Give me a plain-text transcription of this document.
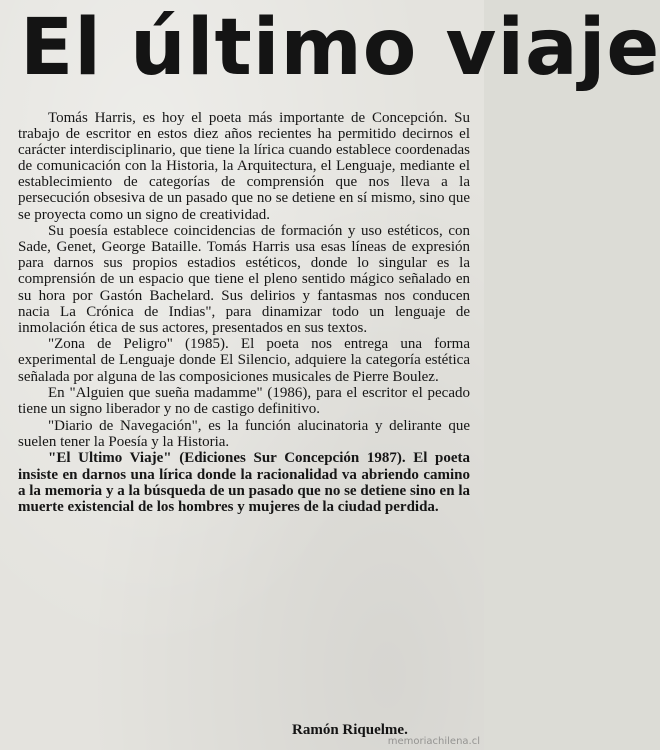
El último viaje

Tomás Harris, es hoy el poeta más importante de Concepción. Su trabajo de escritor en estos diez años recientes ha permitido decirnos el carácter interdisciplinario, que tiene la lírica cuando establece coordenadas de comunicación con la Historia, la Arquitectura, el Lenguaje, mediante el establecimiento de categorías de comprensión que nos lleva a la persecución obsesiva de un pasado que no se detiene en sí mismo, sino que se proyecta como un signo de creatividad.

Su poesía establece coincidencias de formación y uso estéticos, con Sade, Genet, George Bataille. Tomás Harris usa esas líneas de expresión para darnos sus propios estadios estéticos, donde lo singular es la comprensión de un espacio que tiene el pleno sentido mágico señalado en su hora por Gastón Bachelard. Sus delirios y fantasmas nos conducen nacia La Crónica de Indias", para dinamizar todo un lenguaje de inmolación ética de sus actores, presentados en sus textos.

"Zona de Peligro" (1985). El poeta nos entrega una forma experimental de Lenguaje donde El Silencio, adquiere la categoría estética señalada por alguna de las composiciones musicales de Pierre Boulez.

En "Alguien que sueña madamme" (1986), para el escritor el pecado tiene un signo liberador y no de castigo definitivo.

"Diario de Navegación", es la función alucinatoria y delirante que suelen tener la Poesía y la Historia.

"El Ultimo Viaje" (Ediciones Sur Concepción 1987). El poeta insiste en darnos una lírica donde la racionalidad va abriendo camino a la memoria y a la búsqueda de un pasado que no se detiene sino en la muerte existencial de los hombres y mujeres de la ciudad perdida.

Ramón Riquelme.
memoriachilena.cl
